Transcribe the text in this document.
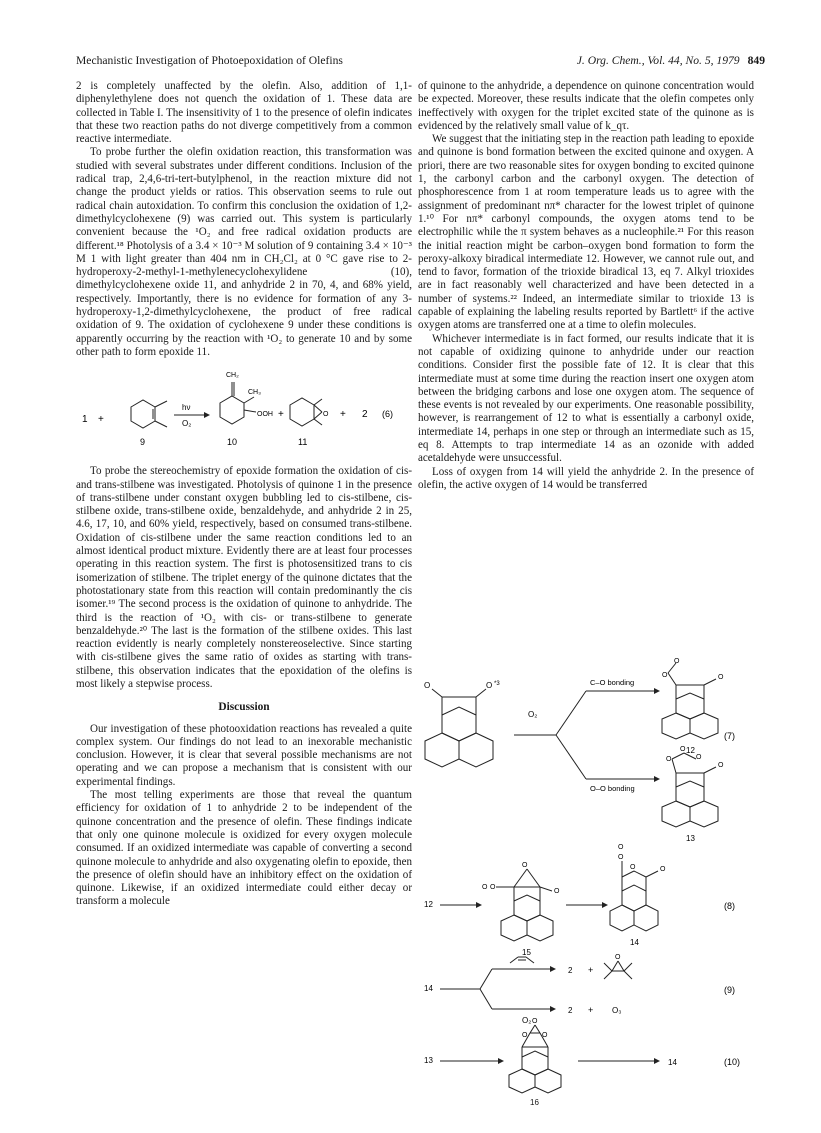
Mechanistic Investigation of Photoepoxidation of Olefins	J. Org. Chem., Vol. 44, No. 5, 1979 849

2 is completely unaffected by the olefin. Also, addition of 1,1-diphenylethylene does not quench the oxidation of 1. These data are collected in Table I. The insensitivity of 1 to the presence of olefin indicates that these two reaction paths do not diverge competitively from a common reactive intermediate.

To probe further the olefin oxidation reaction, this transformation was studied with several substrates under different conditions. Inclusion of the radical trap, 2,4,6-tri-tert-butylphenol, in the reaction mixture did not change the product yields or ratios. This observation seems to rule out radical chain autoxidation. To confirm this conclusion the oxidation of 1,2-dimethylcyclohexene (9) was carried out. This system is particularly convenient because the ¹O₂ and free radical oxidation products are different.¹⁸ Photolysis of a 3.4 × 10⁻³ M solution of 9 containing 3.4 × 10⁻³ M 1 with light greater than 404 nm in CH₂Cl₂ at 0 °C gave rise to 2-hydroperoxy-2-methyl-1-methylenecyclohexylidene (10), dimethylcyclohexene oxide 11, and anhydride 2 in 70, 4, and 68% yield, respectively. Importantly, there is no evidence for formation of any 3-hydroperoxy-1,2-dimethylcyclohexene, the product of free radical oxidation of 9. The oxidation of cyclohexene 9 under these conditions is apparently occurring by the reaction with ¹O₂ to generate 10 and by some other path to form epoxide 11.

1 +
9
hν
O₂
CH₂
CH₃
OOH
10
+	O
11
+ 2 (6)

To probe the stereochemistry of epoxide formation the oxidation of cis- and trans-stilbene was investigated. Photolysis of quinone 1 in the presence of trans-stilbene under constant oxygen bubbling led to cis-stilbene, cis-stilbene oxide, trans-stilbene oxide, benzaldehyde, and anhydride 2 in 25, 4.6, 17, 10, and 60% yield, respectively, based on consumed trans-stilbene. Oxidation of cis-stilbene under the same reaction conditions led to an almost identical product mixture. Evidently there are at least four processes operating in this reaction system. The first is photosensitized trans to cis isomerization of stilbene. The triplet energy of the quinone dictates that the photostationary state from this reaction will contain predominantly the cis isomer.¹⁹ The second process is the oxidation of quinone to anhydride. The third is the reaction of ¹O₂ with cis- or trans-stilbene to generate benzaldehyde.²⁰ The last is the formation of the stilbene oxides. This last reaction evidently is nearly completely nonstereoselective. Since starting with cis-stilbene gives the same ratio of oxides as starting with trans-stilbene, this observation indicates that the epoxidation of the olefins is most likely a stepwise process.

Discussion

Our investigation of these photooxidation reactions has revealed a quite complex system. Our findings do not lead to an inexorable mechanistic conclusion. However, it is clear that several possible mechanisms are not operating and we can propose a mechanism that is consistent with our experimental findings.

The most telling experiments are those that reveal the quantum efficiency for oxidation of 1 to anhydride 2 to be independent of the quinone concentration and the presence of olefin. These findings indicate that only one quinone molecule is oxidized for every oxygen molecule consumed. If an oxidized intermediate was capable of converting a second quinone molecule to anhydride and also oxygenating olefin to epoxide, then the presence of olefin should have an inhibitory effect on the oxidation of quinone. Likewise, if an oxidized intermediate could either decay or transform a molecule

of quinone to the anhydride, a dependence on quinone concentration would be expected. Moreover, these results indicate that the olefin competes only ineffectively with oxygen for the triplet excited state of the quinone as is evidenced by the relatively small value of k_qτ.

We suggest that the initiating step in the reaction path leading to epoxide and quinone is bond formation between the excited quinone and oxygen. A priori, there are two reasonable sites for oxygen bonding to excited quinone 1, the carbonyl carbon and the carbonyl oxygen. The detection of phosphorescence from 1 at room temperature leads us to agree with the assignment of predominant nπ* character for the lowest triplet of quinone 1.¹⁰ For nπ* carbonyl compounds, the oxygen atoms tend to be electrophilic while the π system behaves as a nucleophile.²¹ For this reason the initial reaction might be carbon–oxygen bond formation to form the peroxy-alkoxy biradical intermediate 12. However, we cannot rule out, and tend to favor, formation of the trioxide biradical 13, eq 7. Alkyl trioxides are in fact reasonably well characterized and have been detected in a number of systems.²² Indeed, an intermediate similar to trioxide 13 is capable of explaining the labeling results reported by Bartlett⁶ if the active oxygen atoms are transferred one at a time to olefin molecules.

Whichever intermediate is in fact formed, our results indicate that it is not capable of oxidizing quinone to anhydride under our reaction conditions. Consider first the possible fate of 12. It is clear that this intermediate must at some time during the reaction insert one oxygen atom between the bridging carbons and lose one oxygen atom. The sequence of these events is not revealed by our experiments. One reasonable possibility, however, is rearrangement of 12 to what is essentially a carbonyl oxide, intermediate 14, perhaps in one step or through an intermediate such as 15, eq 8. Attempts to trap intermediate 14 as an ozonide with added acetaldehyde were unsuccessful.

Loss of oxygen from 14 will yield the anhydride 2. In the presence of olefin, the active oxygen of 14 would be transferred

O	O *3
O₂
C–O bonding
O–O bonding
O
O
O
12
O
O
O
O
13
(7)
12
O
O O
O
15
O
O
O	O
14
(8)
14
O₂
2 +
O
2 + O₃
(9)
13
O
O O
14	(10)
16
